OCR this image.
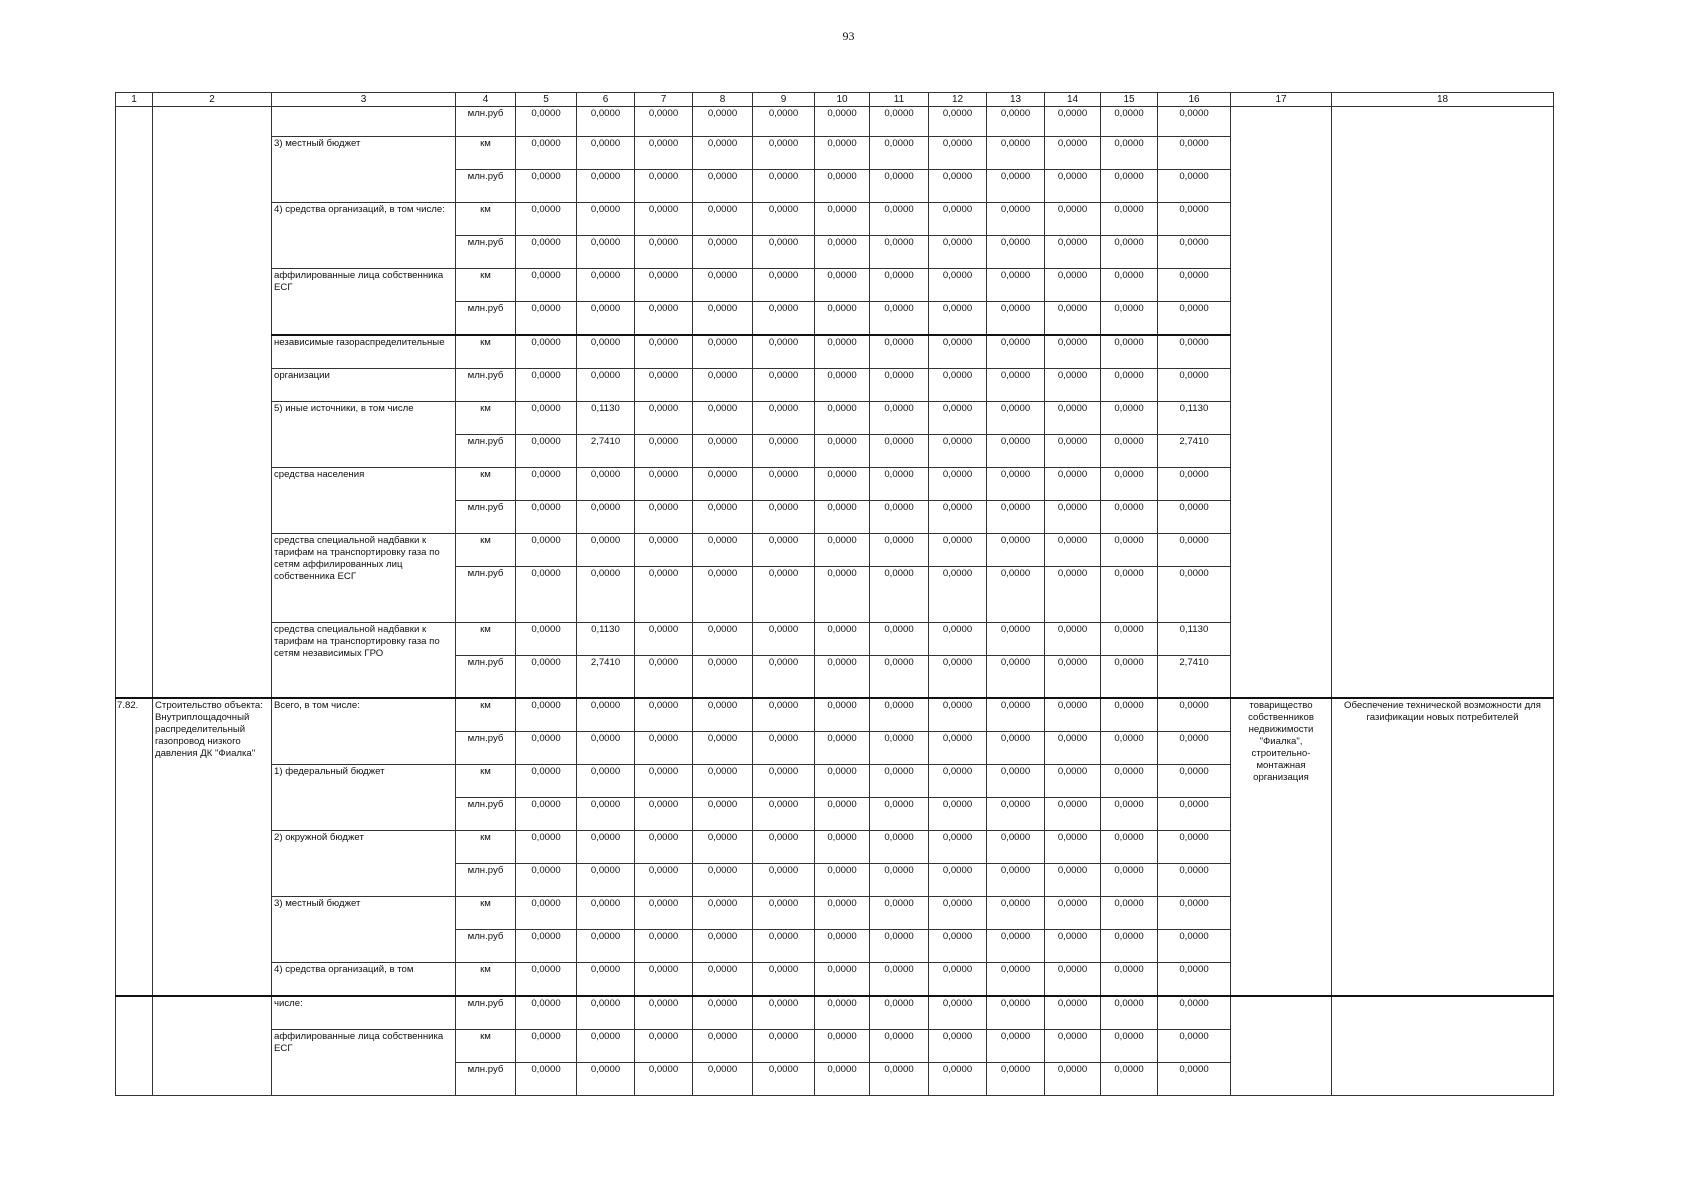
93
1	2	3	4	5	6	7	8	9	10	11	12	13	14	15	16	17	18
			млн.руб	0,0000	0,0000	0,0000	0,0000	0,0000	0,0000	0,0000	0,0000	0,0000	0,0000	0,0000	0,0000		
		3) местный бюджет	км	0,0000	0,0000	0,0000	0,0000	0,0000	0,0000	0,0000	0,0000	0,0000	0,0000	0,0000	0,0000		
			млн.руб	0,0000	0,0000	0,0000	0,0000	0,0000	0,0000	0,0000	0,0000	0,0000	0,0000	0,0000	0,0000		
		4) средства организаций, в том числе:	км	0,0000	0,0000	0,0000	0,0000	0,0000	0,0000	0,0000	0,0000	0,0000	0,0000	0,0000	0,0000		
			млн.руб	0,0000	0,0000	0,0000	0,0000	0,0000	0,0000	0,0000	0,0000	0,0000	0,0000	0,0000	0,0000		
		аффилированные лица собственника ЕСГ	км	0,0000	0,0000	0,0000	0,0000	0,0000	0,0000	0,0000	0,0000	0,0000	0,0000	0,0000	0,0000		
			млн.руб	0,0000	0,0000	0,0000	0,0000	0,0000	0,0000	0,0000	0,0000	0,0000	0,0000	0,0000	0,0000		
		независимые газораспределительные	км	0,0000	0,0000	0,0000	0,0000	0,0000	0,0000	0,0000	0,0000	0,0000	0,0000	0,0000	0,0000		
		организации	млн.руб	0,0000	0,0000	0,0000	0,0000	0,0000	0,0000	0,0000	0,0000	0,0000	0,0000	0,0000	0,0000		
		5) иные источники, в том числе	км	0,0000	0,1130	0,0000	0,0000	0,0000	0,0000	0,0000	0,0000	0,0000	0,0000	0,0000	0,1130		
			млн.руб	0,0000	2,7410	0,0000	0,0000	0,0000	0,0000	0,0000	0,0000	0,0000	0,0000	0,0000	2,7410		
		средства населения	км	0,0000	0,0000	0,0000	0,0000	0,0000	0,0000	0,0000	0,0000	0,0000	0,0000	0,0000	0,0000		
			млн.руб	0,0000	0,0000	0,0000	0,0000	0,0000	0,0000	0,0000	0,0000	0,0000	0,0000	0,0000	0,0000		
		средства специальной надбавки к тарифам на транспортировку газа по сетям аффилированных лиц собственника ЕСГ	км	0,0000	0,0000	0,0000	0,0000	0,0000	0,0000	0,0000	0,0000	0,0000	0,0000	0,0000	0,0000		
			млн.руб	0,0000	0,0000	0,0000	0,0000	0,0000	0,0000	0,0000	0,0000	0,0000	0,0000	0,0000	0,0000		
		средства специальной надбавки к тарифам на транспортировку газа по сетям независимых ГРО	км	0,0000	0,1130	0,0000	0,0000	0,0000	0,0000	0,0000	0,0000	0,0000	0,0000	0,0000	0,1130		
			млн.руб	0,0000	2,7410	0,0000	0,0000	0,0000	0,0000	0,0000	0,0000	0,0000	0,0000	0,0000	2,7410		
7.82.	Строительство объекта: Внутриплощадочный распределительный газопровод низкого давления ДК "Фиалка"	Всего, в том числе:	км	0,0000	0,0000	0,0000	0,0000	0,0000	0,0000	0,0000	0,0000	0,0000	0,0000	0,0000	0,0000	товарищество собственников недвижимости "Фиалка", строительно-монтажная организация	Обеспечение технической возможности для газификации новых потребителей
			млн.руб	0,0000	0,0000	0,0000	0,0000	0,0000	0,0000	0,0000	0,0000	0,0000	0,0000	0,0000	0,0000		
		1) федеральный бюджет	км	0,0000	0,0000	0,0000	0,0000	0,0000	0,0000	0,0000	0,0000	0,0000	0,0000	0,0000	0,0000		
			млн.руб	0,0000	0,0000	0,0000	0,0000	0,0000	0,0000	0,0000	0,0000	0,0000	0,0000	0,0000	0,0000		
		2) окружной бюджет	км	0,0000	0,0000	0,0000	0,0000	0,0000	0,0000	0,0000	0,0000	0,0000	0,0000	0,0000	0,0000		
			млн.руб	0,0000	0,0000	0,0000	0,0000	0,0000	0,0000	0,0000	0,0000	0,0000	0,0000	0,0000	0,0000		
		3) местный бюджет	км	0,0000	0,0000	0,0000	0,0000	0,0000	0,0000	0,0000	0,0000	0,0000	0,0000	0,0000	0,0000		
			млн.руб	0,0000	0,0000	0,0000	0,0000	0,0000	0,0000	0,0000	0,0000	0,0000	0,0000	0,0000	0,0000		
		4) средства организаций, в том	км	0,0000	0,0000	0,0000	0,0000	0,0000	0,0000	0,0000	0,0000	0,0000	0,0000	0,0000	0,0000		
		числе:	млн.руб	0,0000	0,0000	0,0000	0,0000	0,0000	0,0000	0,0000	0,0000	0,0000	0,0000	0,0000	0,0000		
		аффилированные лица собственника ЕСГ	км	0,0000	0,0000	0,0000	0,0000	0,0000	0,0000	0,0000	0,0000	0,0000	0,0000	0,0000	0,0000		
			млн.руб	0,0000	0,0000	0,0000	0,0000	0,0000	0,0000	0,0000	0,0000	0,0000	0,0000	0,0000	0,0000		
